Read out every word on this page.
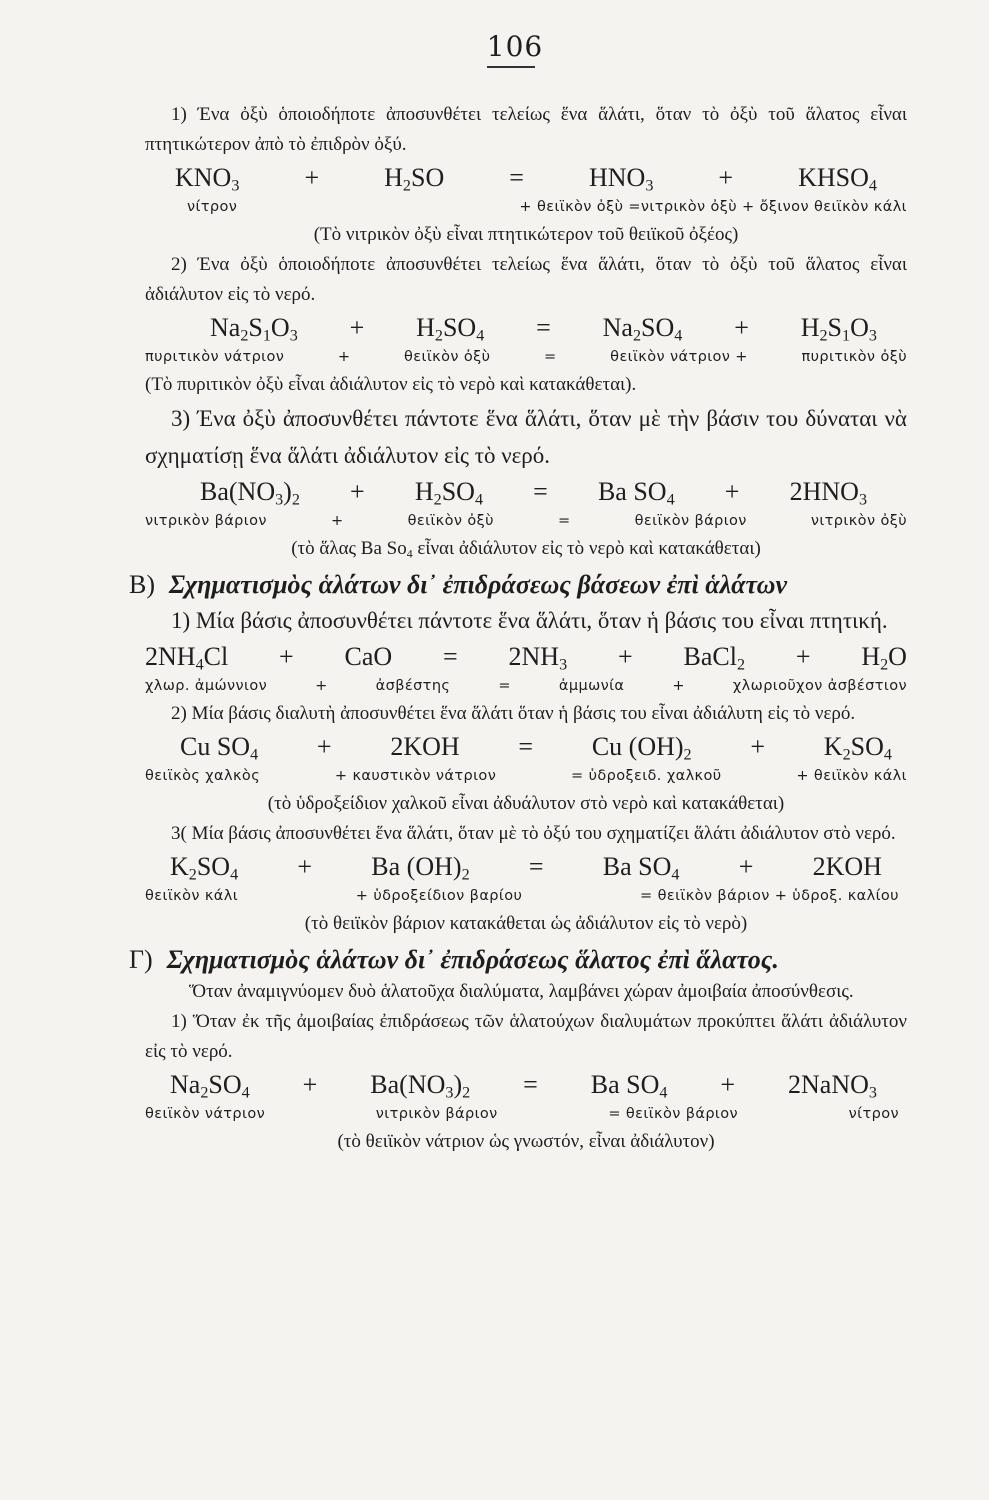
106

1) Ένα ὀξὺ ὁποιοδήποτε ἀποσυνθέτει τελείως ἕνα ἅλάτι, ὅταν τὸ ὀξὺ τοῦ ἅλατος εἶναι πτητικώτερον ἀπὸ τὸ ἐπιδρὸν ὀξύ.

KNO3	+	H2SO	=	HNO3	+	KHSO4
νίτρον	+ θειϊκὸν ὀξὺ =νιτρικὸν ὀξὺ + ὄξινον θειϊκὸν κάλι

(Τὸ νιτρικὸν ὀξὺ εἶναι πτητικώτερον τοῦ θειϊκοῦ ὀξέος)

2) Ένα ὀξὺ ὁποιοδήποτε ἀποσυνθέτει τελείως ἕνα ἅλάτι, ὅταν τὸ ὀξὺ τοῦ ἅλατος εἶναι ἀδιάλυτον εἰς τὸ νερό.

Na2S1O3 + H2SO4 = Na2SO4 + H2S1O3
πυριτικὸν νάτριον	+	θειϊκὸν ὀξὺ	=	θειϊκὸν νάτριον +	πυριτικὸν ὀξὺ

(Τὸ πυριτικὸν ὀξὺ εἶναι ἀδιάλυτον εἰς τὸ νερὸ καὶ κατακάθεται).

3) Ένα ὀξὺ ἀποσυνθέτει πάντοτε ἕνα ἅλάτι, ὅταν μὲ τὴν βάσιν του δύναται νὰ σχηματίσῃ ἕνα ἅλάτι ἀδιάλυτον εἰς τὸ νερό.

Ba(NO3)2 + H2SO4 = Ba SO4 + 2HNO3
νιτρικὸν βάριον	+	θειϊκὸν ὀξὺ	=	θειϊκὸν βάριον	νιτρικὸν ὀξὺ

(τὸ ἅλας Ba So4 εἶναι ἀδιάλυτον εἰς τὸ νερὸ καὶ κατακάθεται)

B) Σχηματισμὸς ἁλάτων δι᾽ ἐπιδράσεως βάσεων ἐπὶ ἁλάτων

1) Μία βάσις ἀποσυνθέτει πάντοτε ἕνα ἅλάτι, ὅταν ἡ βάσις του εἶναι πτητική.

2NH4Cl + CaO = 2NH3 + BaCl2 + H2O
χλωρ. ἀμώννιον	+	ἀσβέστης	=	ἀμμωνία	+	χλωριοῦχον ἀσβέστιον

2) Μία βάσις διαλυτὴ ἀποσυνθέτει ἕνα ἅλάτι ὅταν ἡ βάσις του εἶναι ἀδιάλυτη εἰς τὸ νερό.

Cu SO4 + 2KOH = Cu (OH)2 + K2SO4
θειϊκὸς χαλκὸς	+ καυστικὸν νάτριον	= ὑδροξειδ. χαλκοῦ	+ θειϊκὸν κάλι

(τὸ ὑδροξείδιον χαλκοῦ εἶναι ἀδυάλυτον στὸ νερὸ καὶ κατακάθεται)

3( Μία βάσις ἀποσυνθέτει ἕνα ἅλάτι, ὅταν μὲ τὸ ὀξύ του σχηματίζει ἅλάτι ἀδιάλυτον στὸ νερό.

K2SO4 + Ba (OH)2 = Ba SO4 + 2KOH
θειϊκὸν κάλι	+ ὑδροξείδιον βαρίου	= θειϊκὸν βάριον + ὑδροξ. καλίου

(τὸ θειϊκὸν βάριον κατακάθεται ὡς ἀδιάλυτον εἰς τὸ νερὸ)

Γ) Σχηματισμὸς ἁλάτων δι᾽ ἐπιδράσεως ἅλατος ἐπὶ ἅλατος.

Ὅταν ἀναμιγνύομεν δυὸ ἁλατοῦχα διαλύματα, λαμβάνει χώραν ἀμοιβαία ἀποσύνθεσις.

1) Ὅταν ἐκ τῆς ἀμοιβαίας ἐπιδράσεως τῶν ἁλατούχων διαλυμάτων προκύπτει ἅλάτι ἀδιάλυτον εἰς τὸ νερό.

Na2SO4 + Ba(NO3)2 = Ba SO4 + 2NaNO3
θειϊκὸν νάτριον	νιτρικὸν βάριον	= θειϊκὸν βάριον	νίτρον

(τὸ θειϊκὸν νάτριον ὡς γνωστόν, εἶναι ἀδιάλυτον)
